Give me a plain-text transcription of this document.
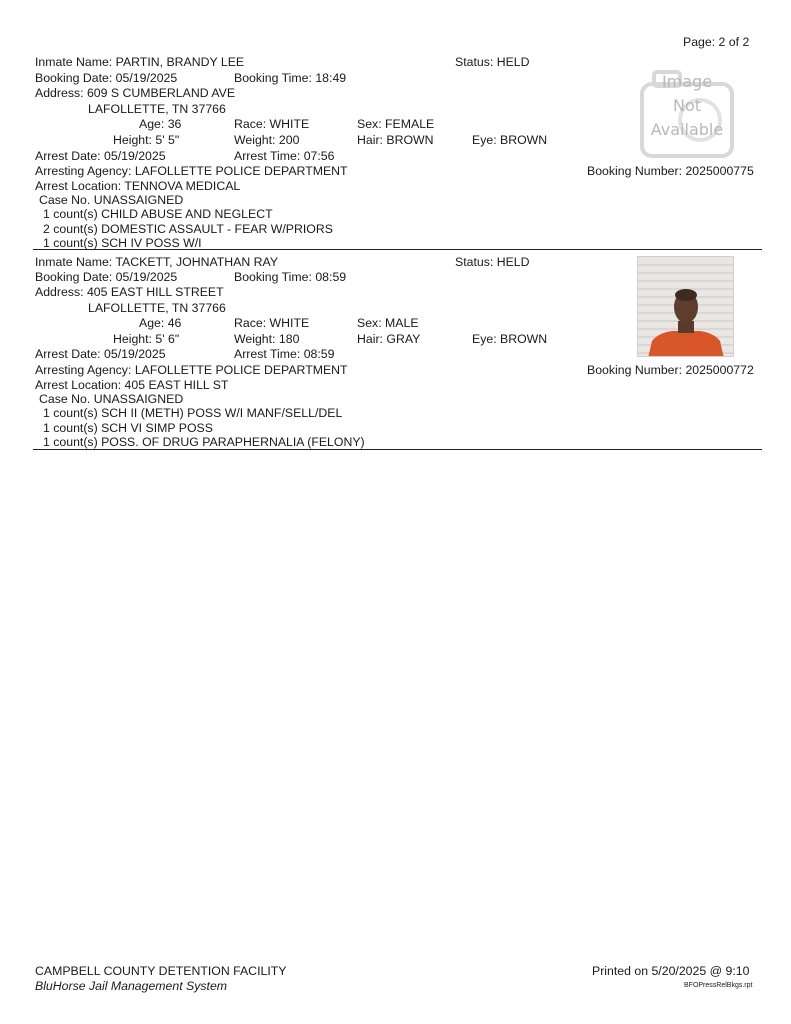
Page: 2 of 2
Inmate Name: PARTIN, BRANDY LEE	Status: HELD
Booking Date: 05/19/2025	Booking Time: 18:49
Address: 609 S CUMBERLAND AVE
LAFOLLETTE, TN 37766
Age: 36	Race: WHITE	Sex: FEMALE
Height: 5' 5"	Weight: 200	Hair: BROWN	Eye: BROWN
Arrest Date: 05/19/2025	Arrest Time: 07:56
Arresting Agency: LAFOLLETTE POLICE DEPARTMENT	Booking Number: 2025000775
Arrest Location: TENNOVA MEDICAL
Case No. UNASSAIGNED
1 count(s) CHILD ABUSE AND NEGLECT
2 count(s) DOMESTIC ASSAULT - FEAR W/PRIORS
1 count(s) SCH IV POSS W/I
Image
Not
Available
Inmate Name: TACKETT, JOHNATHAN RAY	Status: HELD
Booking Date: 05/19/2025	Booking Time: 08:59
Address: 405 EAST HILL STREET
LAFOLLETTE, TN 37766
Age: 46	Race: WHITE	Sex: MALE
Height: 5' 6"	Weight: 180	Hair: GRAY	Eye: BROWN
Arrest Date: 05/19/2025	Arrest Time: 08:59
Arresting Agency: LAFOLLETTE POLICE DEPARTMENT	Booking Number: 2025000772
Arrest Location: 405 EAST HILL ST
Case No. UNASSAIGNED
1 count(s) SCH II (METH) POSS W/I MANF/SELL/DEL
1 count(s) SCH VI SIMP POSS
1 count(s) POSS. OF DRUG PARAPHERNALIA (FELONY)
CAMPBELL COUNTY DETENTION FACILITY
BluHorse Jail Management System
Printed on 5/20/2025 @ 9:10
BFOPressRelBkgs.rpt
